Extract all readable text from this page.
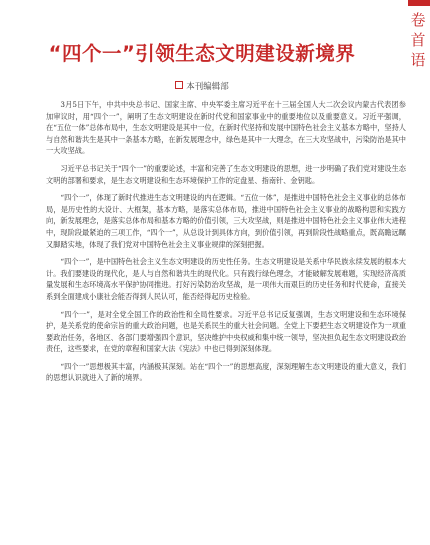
卷
首
语
“四个一”引领生态文明建设新境界
本刊编辑部

3月5日下午，中共中央总书记、国家主席、中央军委主席习近平在十三届全国人大二次会议内蒙古代表团参加审议时，用“四个一”，阐明了生态文明建设在新时代党和国家事业中的重要地位以及重要意义。习近平强调，在“五位一体”总体布局中，生态文明建设是其中一位，在新时代坚持和发展中国特色社会主义基本方略中，坚持人与自然和谐共生是其中一条基本方略，在新发展理念中，绿色是其中一大理念，在三大攻坚战中，污染防治是其中一大攻坚战。

习近平总书记关于“四个一”的重要论述，丰富和完善了生态文明建设的思想，进一步明确了我们党对建设生态文明的部署和要求，是生态文明建设和生态环境保护工作的定盘星、指南针、金钥匙。

“四个一”，体现了新时代推进生态文明建设的内在逻辑。“五位一体”，是推进中国特色社会主义事业的总体布局，是历史性的大设计、大框架，基本方略，是落实总体布局，推进中国特色社会主义事业的战略构思和实践方向，新发展理念，是落实总体布局和基本方略的价值引领，三大攻坚战，则是推进中国特色社会主义事业伟大进程中，现阶段最紧迫的三项工作，“四个一”，从总设计到具体方向，到价值引领，再到阶段性战略重点，既高瞻远瞩又脚踏实地，体现了我们党对中国特色社会主义事业规律的深刻把握。

“四个一”，是中国特色社会主义生态文明建设的历史性任务。生态文明建设是关系中华民族永续发展的根本大计。我们要建设的现代化，是人与自然和谐共生的现代化。只有践行绿色理念，才能破解发展难题，实现经济高质量发展和生态环境高水平保护协同推进。打好污染防治攻坚战，是一项伟大而艰巨的历史任务和时代使命，直接关系到全面建成小康社会能否得到人民认可，能否经得起历史检验。

“四个一”，是对全党全国工作的政治性和全局性要求。习近平总书记反复强调，生态文明建设和生态环境保护，是关系党的使命宗旨的重大政治问题，也是关系民生的重大社会问题。全党上下要把生态文明建设作为一项重要政治任务，各地区、各部门要增强四个意识，坚决维护中央权威和集中统一领导，坚决担负起生态文明建设政治责任，这些要求，在党的章程和国家大法《宪法》中也已得到深刻体现。

“四个一”思想极其丰富，内涵极其深刻。站在“四个一”的思想高度，深刻理解生态文明建设的重大意义，我们的思想认识就进入了新的境界。
